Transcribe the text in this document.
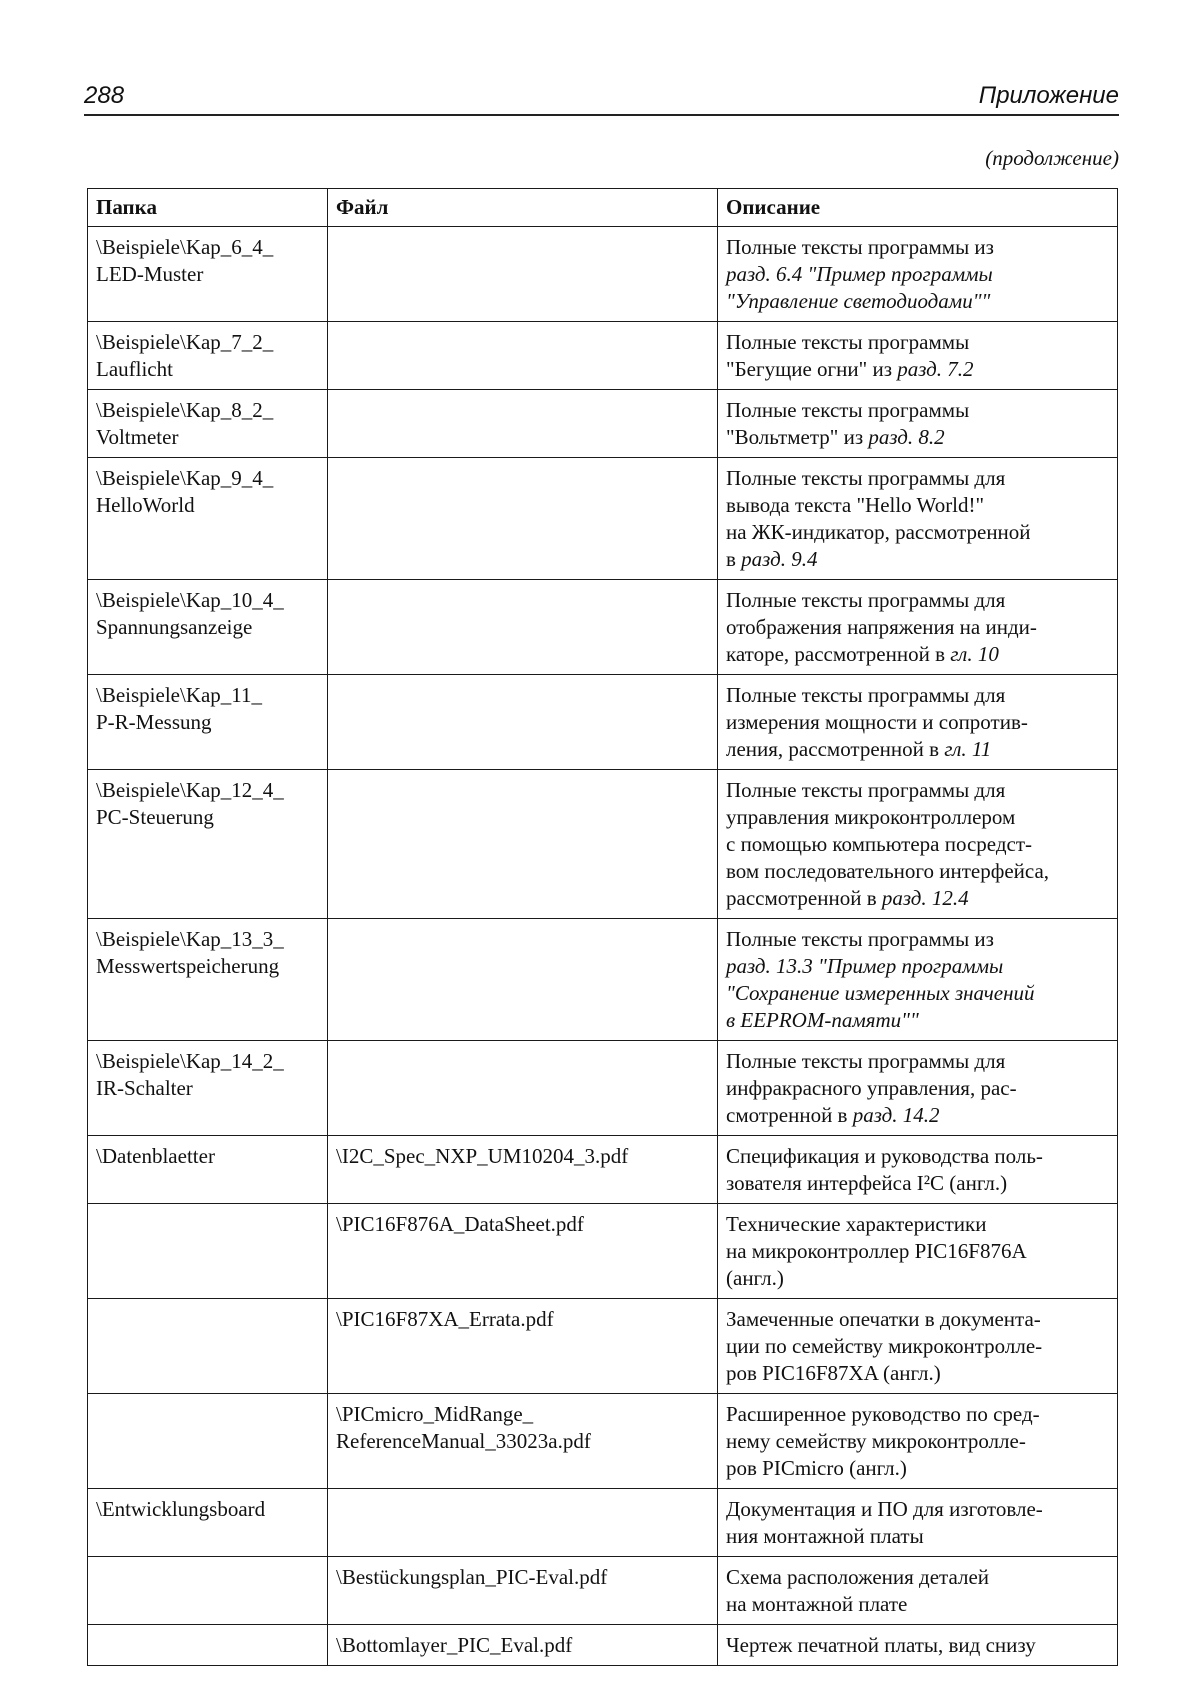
288	Приложение
(продолжение)
Папка	Файл	Описание

\Beispiele\Kap_6_4_
LED-Muster		Полные тексты программы из
разд. 6.4 "Пример программы
"Управление светодиодами""

\Beispiele\Kap_7_2_
Lauflicht		Полные тексты программы
"Бегущие огни" из разд. 7.2

\Beispiele\Kap_8_2_
Voltmeter		Полные тексты программы
"Вольтметр" из разд. 8.2

\Beispiele\Kap_9_4_
HelloWorld		Полные тексты программы для
вывода текста "Hello World!"
на ЖК-индикатор, рассмотренной
в разд. 9.4

\Beispiele\Kap_10_4_
Spannungsanzeige		Полные тексты программы для
отображения напряжения на инди-
каторе, рассмотренной в гл. 10

\Beispiele\Kap_11_
P-R-Messung		Полные тексты программы для
измерения мощности и сопротив-
ления, рассмотренной в гл. 11

\Beispiele\Kap_12_4_
PC-Steuerung		Полные тексты программы для
управления микроконтроллером
с помощью компьютера посредст-
вом последовательного интерфейса,
рассмотренной в разд. 12.4

\Beispiele\Kap_13_3_
Messwertspeicherung		Полные тексты программы из
разд. 13.3 "Пример программы
"Сохранение измеренных значений
в EEPROM-памяти""

\Beispiele\Kap_14_2_
IR-Schalter		Полные тексты программы для
инфракрасного управления, рас-
смотренной в разд. 14.2

\Datenblaetter	\I2C_Spec_NXP_UM10204_3.pdf	Спецификация и руководства поль-
зователя интерфейса I²C (англ.)

	\PIC16F876A_DataSheet.pdf	Технические характеристики
на микроконтроллер PIC16F876A
(англ.)

	\PIC16F87XA_Errata.pdf	Замеченные опечатки в документа-
ции по семейству микроконтролле-
ров PIC16F87XA (англ.)

	\PICmicro_MidRange_
ReferenceManual_33023a.pdf	Расширенное руководство по сред-
нему семейству микроконтролле-
ров PICmicro (англ.)

\Entwicklungsboard		Документация и ПО для изготовле-
ния монтажной платы

	\Bestückungsplan_PIC-Eval.pdf	Схема расположения деталей
на монтажной плате

	\Bottomlayer_PIC_Eval.pdf	Чертеж печатной платы, вид снизу
